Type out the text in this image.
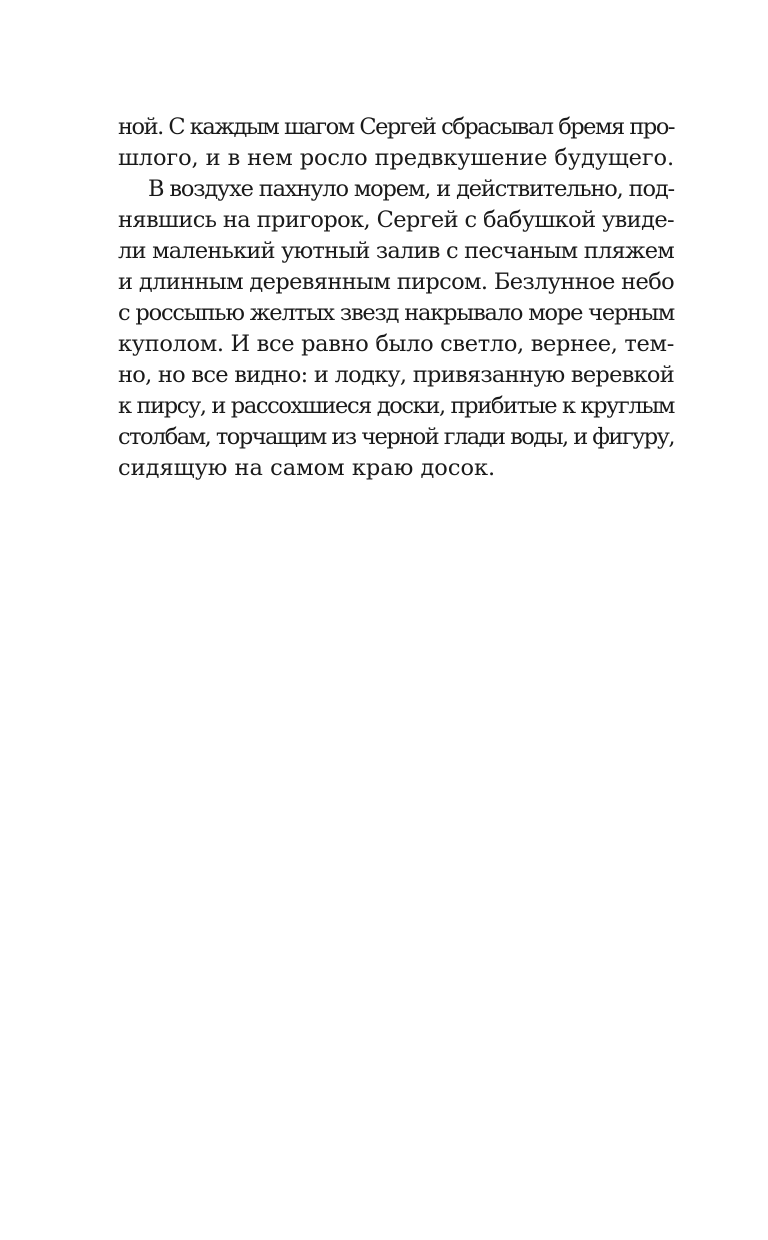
ной. С каждым шагом Сергей сбрасывал бремя про-
шлого, и в нем росло предвкушение будущего.
В воздухе пахнуло морем, и действительно, под-
нявшись на пригорок, Сергей с бабушкой увиде-
ли маленький уютный залив с песчаным пляжем
и длинным деревянным пирсом. Безлунное небо
с россыпью желтых звезд накрывало море черным
куполом. И все равно было светло, вернее, тем-
но, но все видно: и лодку, привязанную веревкой
к пирсу, и рассохшиеся доски, прибитые к круглым
столбам, торчащим из черной глади воды, и фигуру,
сидящую на самом краю досок.
